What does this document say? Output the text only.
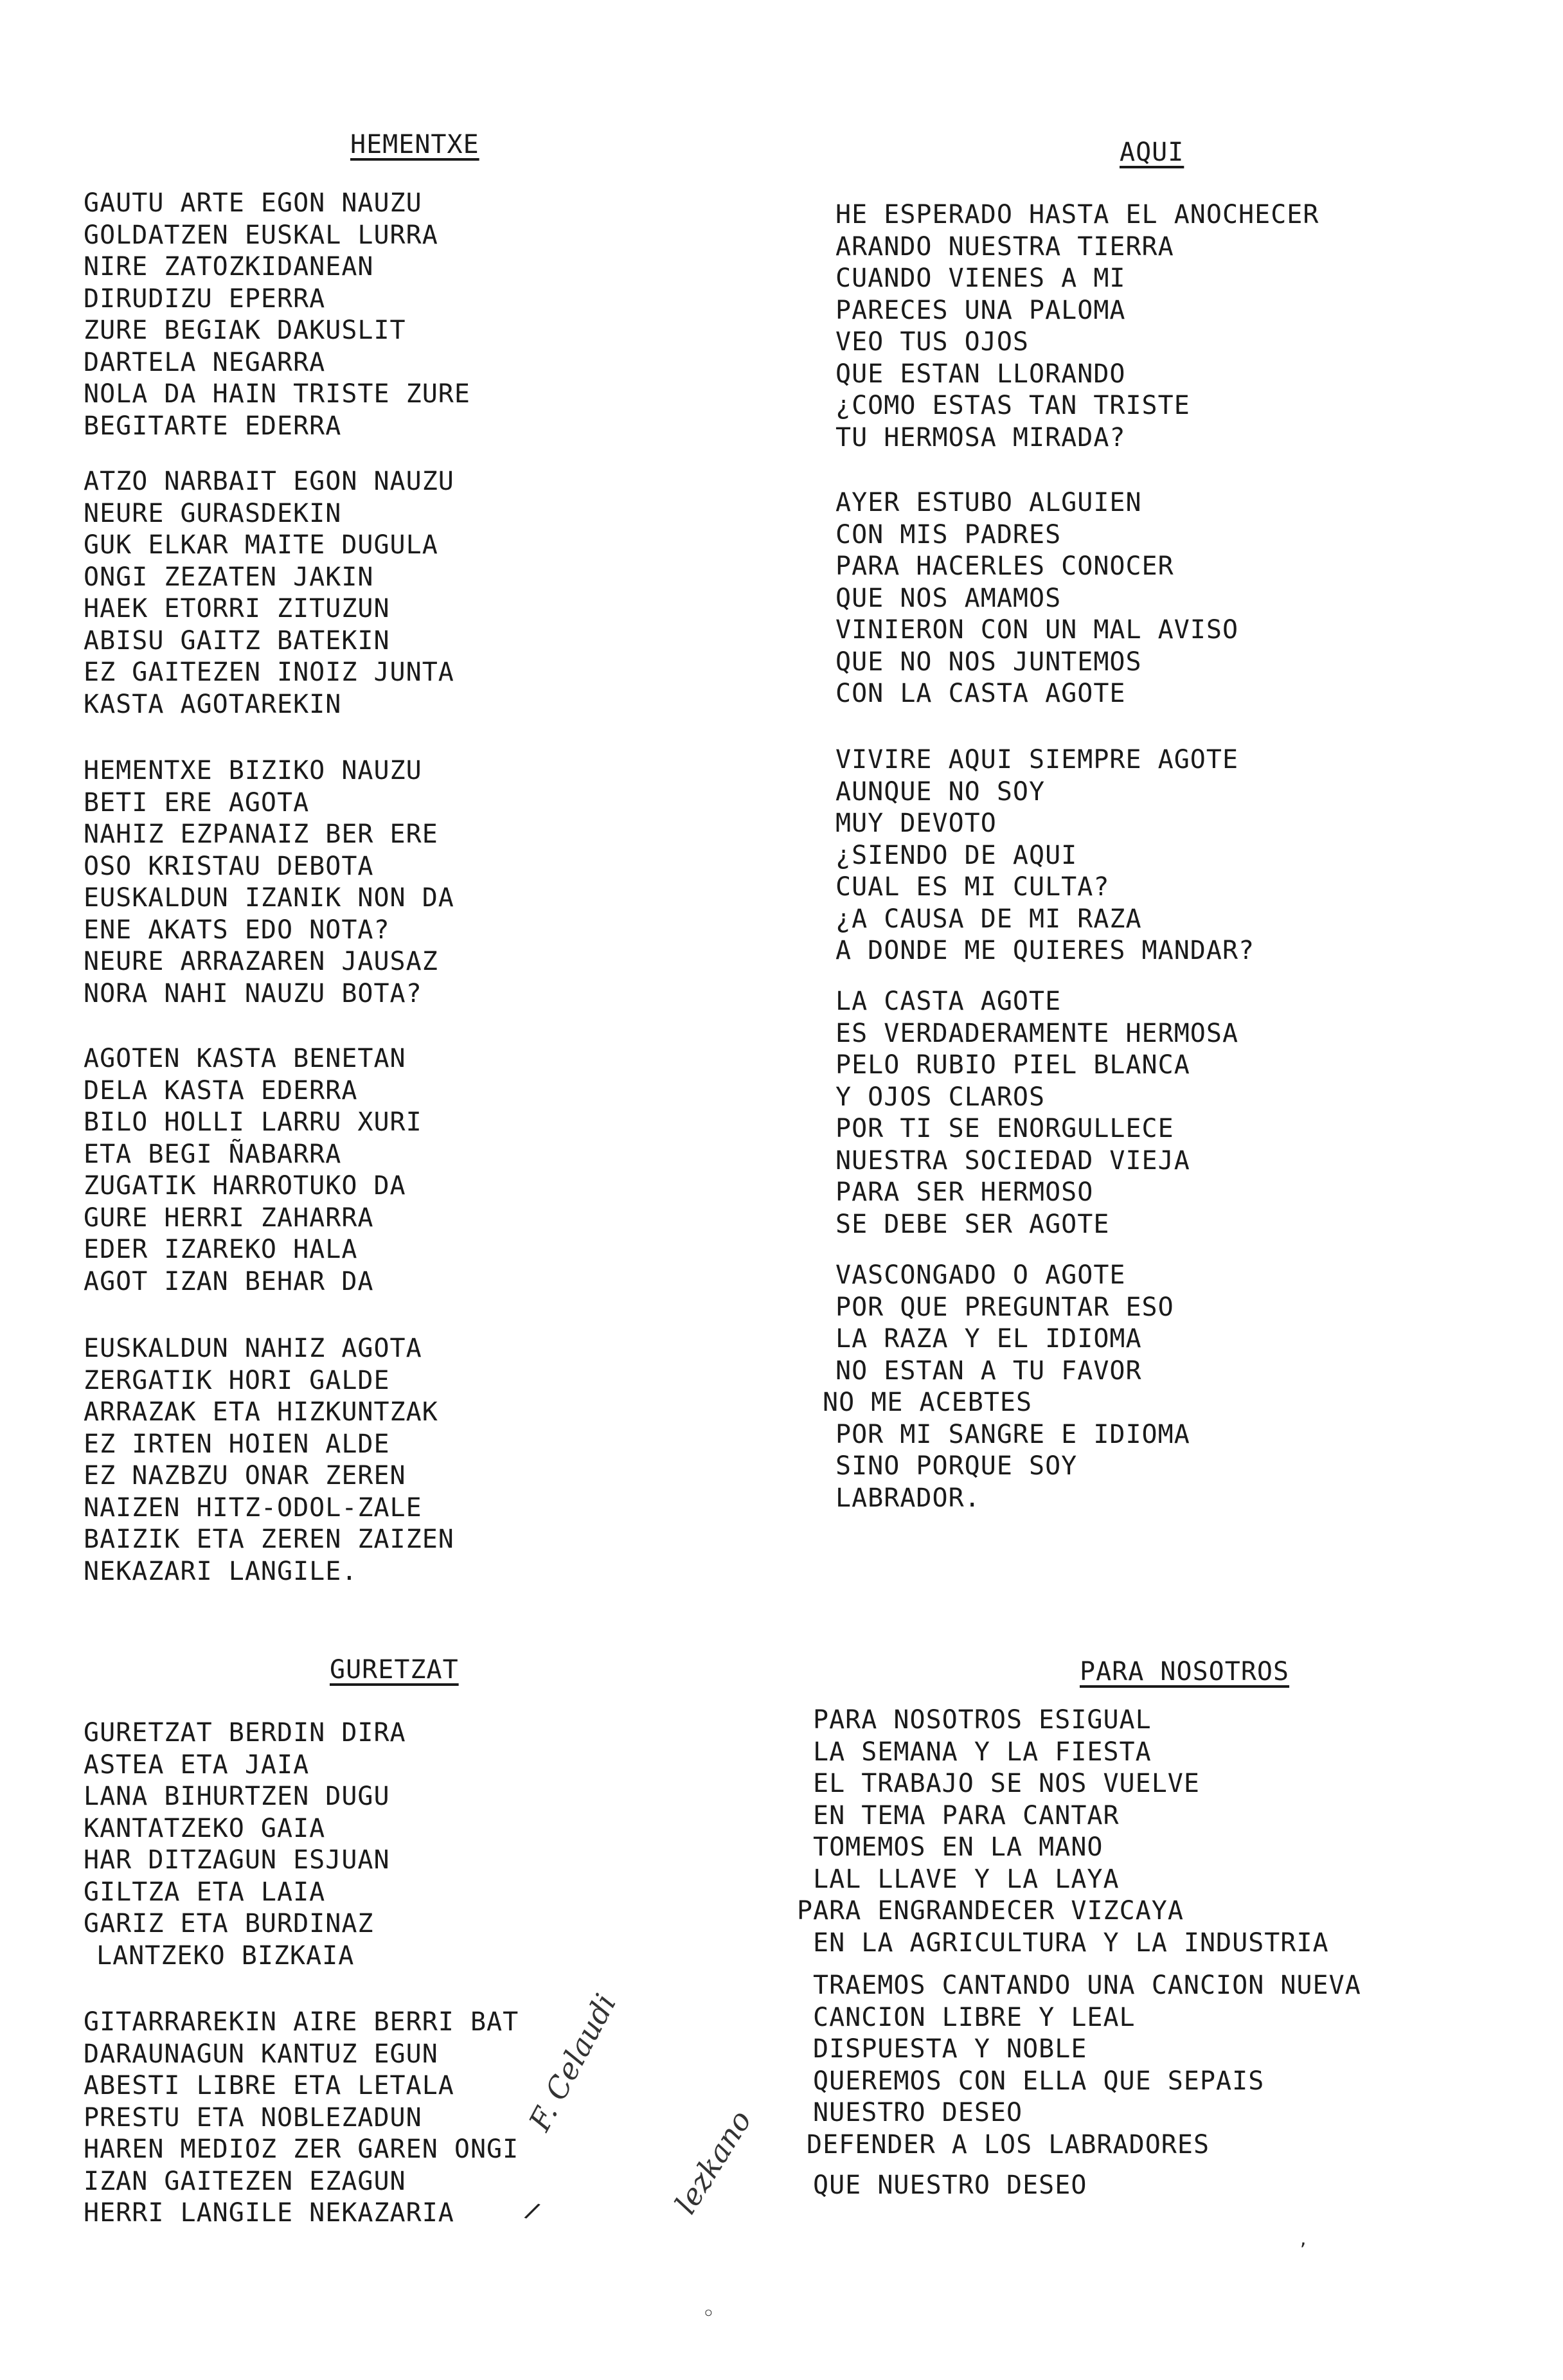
HEMENTXE
GAUTU ARTE EGON NAUZU
GOLDATZEN EUSKAL LURRA
NIRE ZATOZKIDANEAN
DIRUDIZU EPERRA
ZURE BEGIAK DAKUSLIT
DARTELA NEGARRA
NOLA DA HAIN TRISTE ZURE
BEGITARTE EDERRA
ATZO NARBAIT EGON NAUZU
NEURE GURASDEKIN
GUK ELKAR MAITE DUGULA
ONGI ZEZATEN JAKIN
HAEK ETORRI ZITUZUN
ABISU GAITZ BATEKIN
EZ GAITEZEN INOIZ JUNTA
KASTA AGOTAREKIN
HEMENTXE BIZIKO NAUZU
BETI ERE AGOTA
NAHIZ EZPANAIZ BER ERE
OSO KRISTAU DEBOTA
EUSKALDUN IZANIK NON DA
ENE AKATS EDO NOTA?
NEURE ARRAZAREN JAUSAZ
NORA NAHI NAUZU BOTA?
AGOTEN KASTA BENETAN
DELA KASTA EDERRA
BILO HOLLI LARRU XURI
ETA BEGI ÑABARRA
ZUGATIK HARROTUKO DA
GURE HERRI ZAHARRA
EDER IZAREKO HALA
AGOT IZAN BEHAR DA
EUSKALDUN NAHIZ AGOTA
ZERGATIK HORI GALDE
ARRAZAK ETA HIZKUNTZAK
EZ IRTEN HOIEN ALDE
EZ NAZBZU ONAR ZEREN
NAIZEN HITZ-ODOL-ZALE
BAIZIK ETA ZEREN ZAIZEN
NEKAZARI LANGILE.
AQUI
HE ESPERADO HASTA EL ANOCHECER
ARANDO NUESTRA TIERRA
CUANDO VIENES A MI
PARECES UNA PALOMA
VEO TUS OJOS
QUE ESTAN LLORANDO
¿COMO ESTAS TAN TRISTE
TU HERMOSA MIRADA?
AYER ESTUBO ALGUIEN
CON MIS PADRES
PARA HACERLES CONOCER
QUE NOS AMAMOS
VINIERON CON UN MAL AVISO
QUE NO NOS JUNTEMOS
CON LA CASTA AGOTE
VIVIRE AQUI SIEMPRE AGOTE
AUNQUE NO SOY
MUY DEVOTO
¿SIENDO DE AQUI
CUAL ES MI CULTA?
¿A CAUSA DE MI RAZA
A DONDE ME QUIERES MANDAR?
LA CASTA AGOTE
ES VERDADERAMENTE HERMOSA
PELO RUBIO PIEL BLANCA
Y OJOS CLAROS
POR TI SE ENORGULLECE
NUESTRA SOCIEDAD VIEJA
PARA SER HERMOSO
SE DEBE SER AGOTE
VASCONGADO O AGOTE
POR QUE PREGUNTAR ESO
LA RAZA Y EL IDIOMA
NO ESTAN A TU FAVOR
NO ME ACEBTES
POR MI SANGRE E IDIOMA
SINO PORQUE SOY
LABRADOR.
GURETZAT
GURETZAT BERDIN DIRA
ASTEA ETA JAIA
LANA BIHURTZEN DUGU
KANTATZEKO GAIA
HAR DITZAGUN ESJUAN
GILTZA ETA LAIA
GARIZ ETA BURDINAZ
LANTZEKO BIZKAIA
GITARRAREKIN AIRE BERRI BAT
DARAUNAGUN KANTUZ EGUN
ABESTI LIBRE ETA LETALA
PRESTU ETA NOBLEZADUN
HAREN MEDIOZ ZER GAREN ONGI
IZAN GAITEZEN EZAGUN
HERRI LANGILE NEKAZARIA
PARA NOSOTROS
PARA NOSOTROS ESIGUAL
LA SEMANA Y LA FIESTA
EL TRABAJO SE NOS VUELVE
EN TEMA PARA CANTAR
TOMEMOS EN LA MANO
LAL LLAVE Y LA LAYA
PARA ENGRANDECER VIZCAYA
EN LA AGRICULTURA Y LA INDUSTRIA
TRAEMOS CANTANDO UNA CANCION NUEVA
CANCION LIBRE Y LEAL
DISPUESTA Y NOBLE
QUEREMOS CON ELLA QUE SEPAIS
NUESTRO DESEO
DEFENDER A LOS LABRADORES
QUE NUESTRO DESEO
F. Celaudi
lezkano
/
◦
,
